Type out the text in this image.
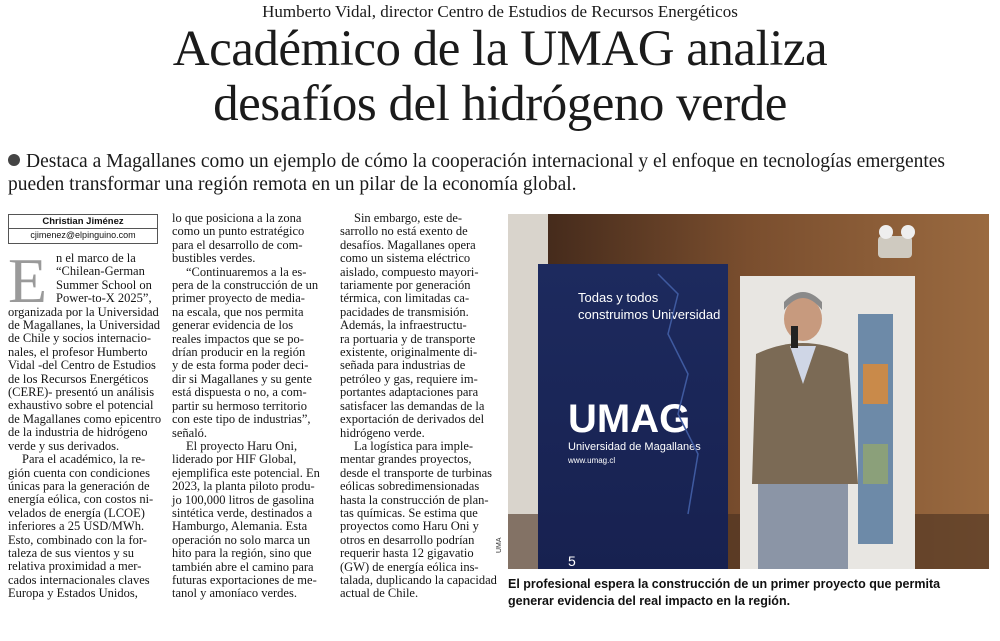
Humberto Vidal, director Centro de Estudios de Recursos Energéticos
Académico de la UMAG analiza
desafíos del hidrógeno verde
Destaca a Magallanes como un ejemplo de cómo la cooperación internacional y el enfoque en tecnologías emergentes
pueden transformar una región remota en un pilar de la economía global.
Christian Jiménez
cjimenez@elpinguino.com
E n el marco de la
“Chilean-German
Summer School on
Power-to-X 2025”,
organizada por la Universidad
de Magallanes, la Universidad
de Chile y socios internacio-
nales, el profesor Humberto
Vidal -del Centro de Estudios
de los Recursos Energéticos
(CERE)- presentó un análisis
exhaustivo sobre el potencial
de Magallanes como epicentro
de la industria de hidrógeno
verde y sus derivados.

Para el académico, la re-
gión cuenta con condiciones
únicas para la generación de
energía eólica, con costos ni-
velados de energía (LCOE)
inferiores a 25 USD/MWh.
Esto, combinado con la for-
taleza de sus vientos y su
relativa proximidad a mer-
cados internacionales claves
Europa y Estados Unidos,

lo que posiciona a la zona
como un punto estratégico
para el desarrollo de com-
bustibles verdes.

“Continuaremos a la es-
pera de la construcción de un
primer proyecto de media-
na escala, que nos permita
generar evidencia de los
reales impactos que se po-
drían producir en la región
y de esta forma poder deci-
dir si Magallanes y su gente
está dispuesta o no, a com-
partir su hermoso territorio
con este tipo de industrias”,
señaló.

El proyecto Haru Oni,
liderado por HIF Global,
ejemplifica este potencial. En
2023, la planta piloto produ-
jo 100,000 litros de gasolina
sintética verde, destinados a
Hamburgo, Alemania. Esta
operación no solo marca un
hito para la región, sino que
también abre el camino para
futuras exportaciones de me-
tanol y amoníaco verdes.

Sin embargo, este de-
sarrollo no está exento de
desafíos. Magallanes opera
como un sistema eléctrico
aislado, compuesto mayori-
tariamente por generación
térmica, con limitadas ca-
pacidades de transmisión.
Además, la infraestructu-
ra portuaria y de transporte
existente, originalmente di-
señada para industrias de
petróleo y gas, requiere im-
portantes adaptaciones para
satisfacer las demandas de la
exportación de derivados del
hidrógeno verde.

La logística para imple-
mentar grandes proyectos,
desde el transporte de turbinas
eólicas sobredimensionadas
hasta la construcción de plan-
tas químicas. Se estima que
proyectos como Haru Oni y
otros en desarrollo podrían
requerir hasta 12 gigavatio
(GW) de energía eólica ins-
talada, duplicando la capacidad
actual de Chile.

Todas y todos
construimos Universidad
UMAG
Universidad de Magallanes
www.umag.cl
5
UMA
El profesional espera la construcción de un primer proyecto que permita
generar evidencia del real impacto en la región.
